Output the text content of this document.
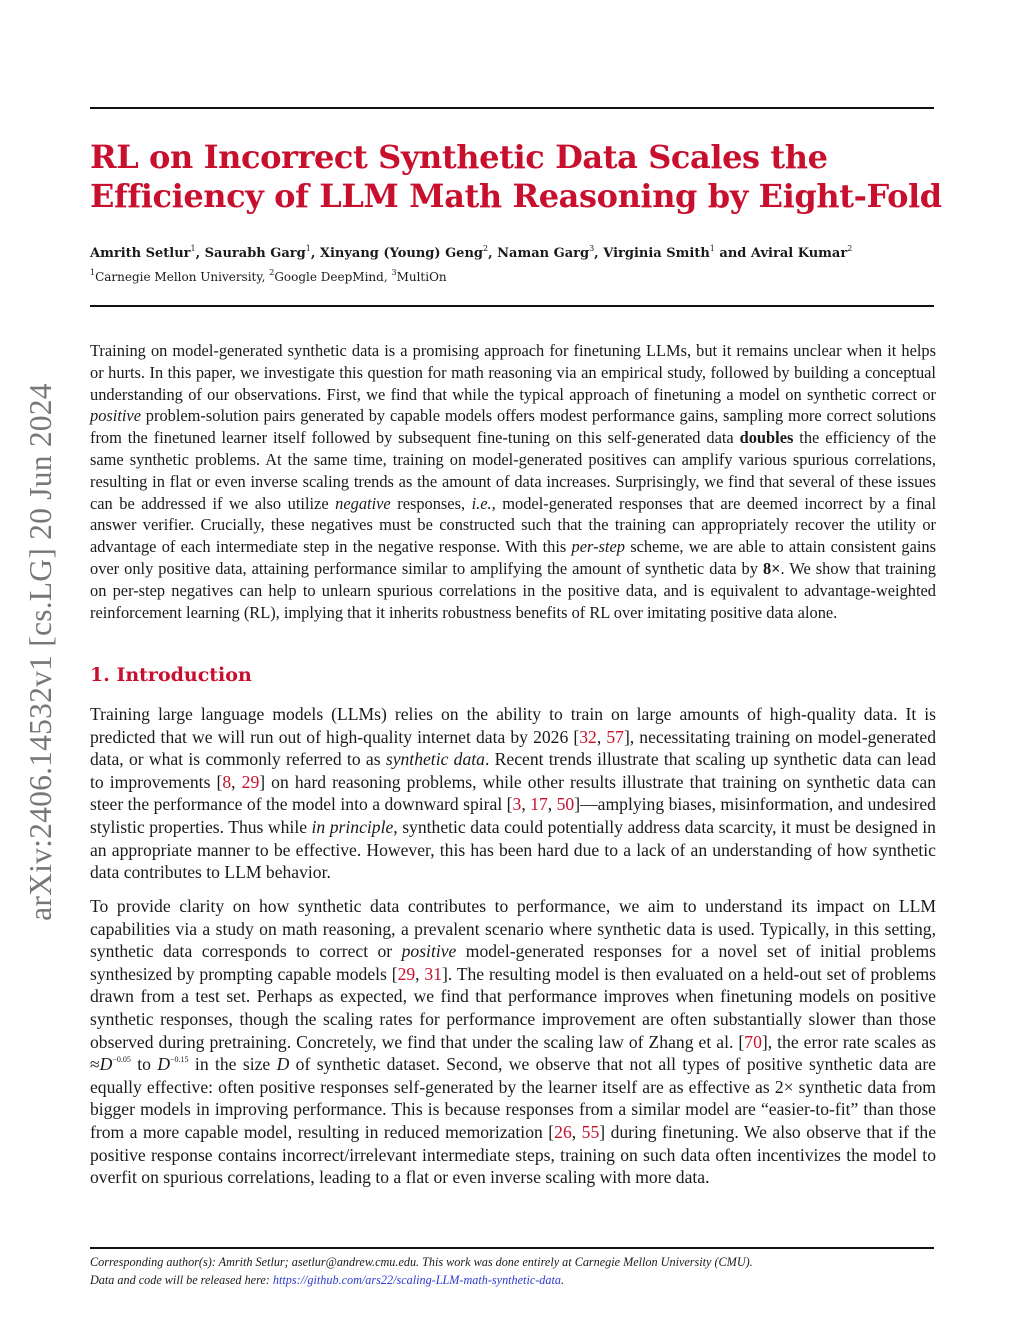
arXiv:2406.14532v1 [cs.LG] 20 Jun 2024
RL on Incorrect Synthetic Data Scales the
Efficiency of LLM Math Reasoning by Eight-Fold
Amrith Setlur$^1$, Saurabh Garg$^1$, Xinyang (Young) Geng$^2$, Naman Garg$^3$, Virginia Smith$^1$ and Aviral Kumar$^2$
$^1$Carnegie Mellon University, $^2$Google DeepMind, $^3$MultiOn

Training on model-generated synthetic data is a promising approach for finetuning LLMs, but it remains unclear when it helps or hurts. In this paper, we investigate this question for math reasoning via an empirical study, followed by building a conceptual understanding of our observations. First, we find that while the typical approach of finetuning a model on synthetic correct or positive problem-solution pairs generated by capable models offers modest performance gains, sampling more correct solutions from the finetuned learner itself followed by subsequent fine-tuning on this self-generated data doubles the efficiency of the same synthetic problems. At the same time, training on model-generated positives can amplify various spurious correlations, resulting in flat or even inverse scaling trends as the amount of data increases. Surprisingly, we find that several of these issues can be addressed if we also utilize negative responses, i.e., model-generated responses that are deemed incorrect by a final answer verifier. Crucially, these negatives must be constructed such that the training can appropriately recover the utility or advantage of each intermediate step in the negative response. With this per-step scheme, we are able to attain consistent gains over only positive data, attaining performance similar to amplifying the amount of synthetic data by 8×. We show that training on per-step negatives can help to unlearn spurious correlations in the positive data, and is equivalent to advantage-weighted reinforcement learning (RL), implying that it inherits robustness benefits of RL over imitating positive data alone.

1. Introduction

Training large language models (LLMs) relies on the ability to train on large amounts of high-quality data. It is predicted that we will run out of high-quality internet data by 2026 [32, 57], necessitating training on model-generated data, or what is commonly referred to as synthetic data. Recent trends illustrate that scaling up synthetic data can lead to improvements [8, 29] on hard reasoning problems, while other results illustrate that training on synthetic data can steer the performance of the model into a downward spiral [3, 17, 50]—amplying biases, misinformation, and undesired stylistic properties. Thus while in principle, synthetic data could potentially address data scarcity, it must be designed in an appropriate manner to be effective. However, this has been hard due to a lack of an understanding of how synthetic data contributes to LLM behavior.

To provide clarity on how synthetic data contributes to performance, we aim to understand its impact on LLM capabilities via a study on math reasoning, a prevalent scenario where synthetic data is used. Typically, in this setting, synthetic data corresponds to correct or positive model-generated responses for a novel set of initial problems synthesized by prompting capable models [29, 31]. The resulting model is then evaluated on a held-out set of problems drawn from a test set. Perhaps as expected, we find that performance improves when finetuning models on positive synthetic responses, though the scaling rates for performance improvement are often substantially slower than those observed during pretraining. Concretely, we find that under the scaling law of Zhang et al. [70], the error rate scales as $\approx D^{-0.05}$ to $D^{-0.15}$ in the size D of synthetic dataset. Second, we observe that not all types of positive synthetic data are equally effective: often positive responses self-generated by the learner itself are as effective as 2× synthetic data from bigger models in improving performance. This is because responses from a similar model are “easier-to-fit” than those from a more capable model, resulting in reduced memorization [26, 55] during finetuning. We also observe that if the positive response contains incorrect/irrelevant intermediate steps, training on such data often incentivizes the model to overfit on spurious correlations, leading to a flat or even inverse scaling with more data.

Corresponding author(s): Amrith Setlur; asetlur@andrew.cmu.edu. This work was done entirely at Carnegie Mellon University (CMU).
Data and code will be released here: https://github.com/ars22/scaling-LLM-math-synthetic-data.
